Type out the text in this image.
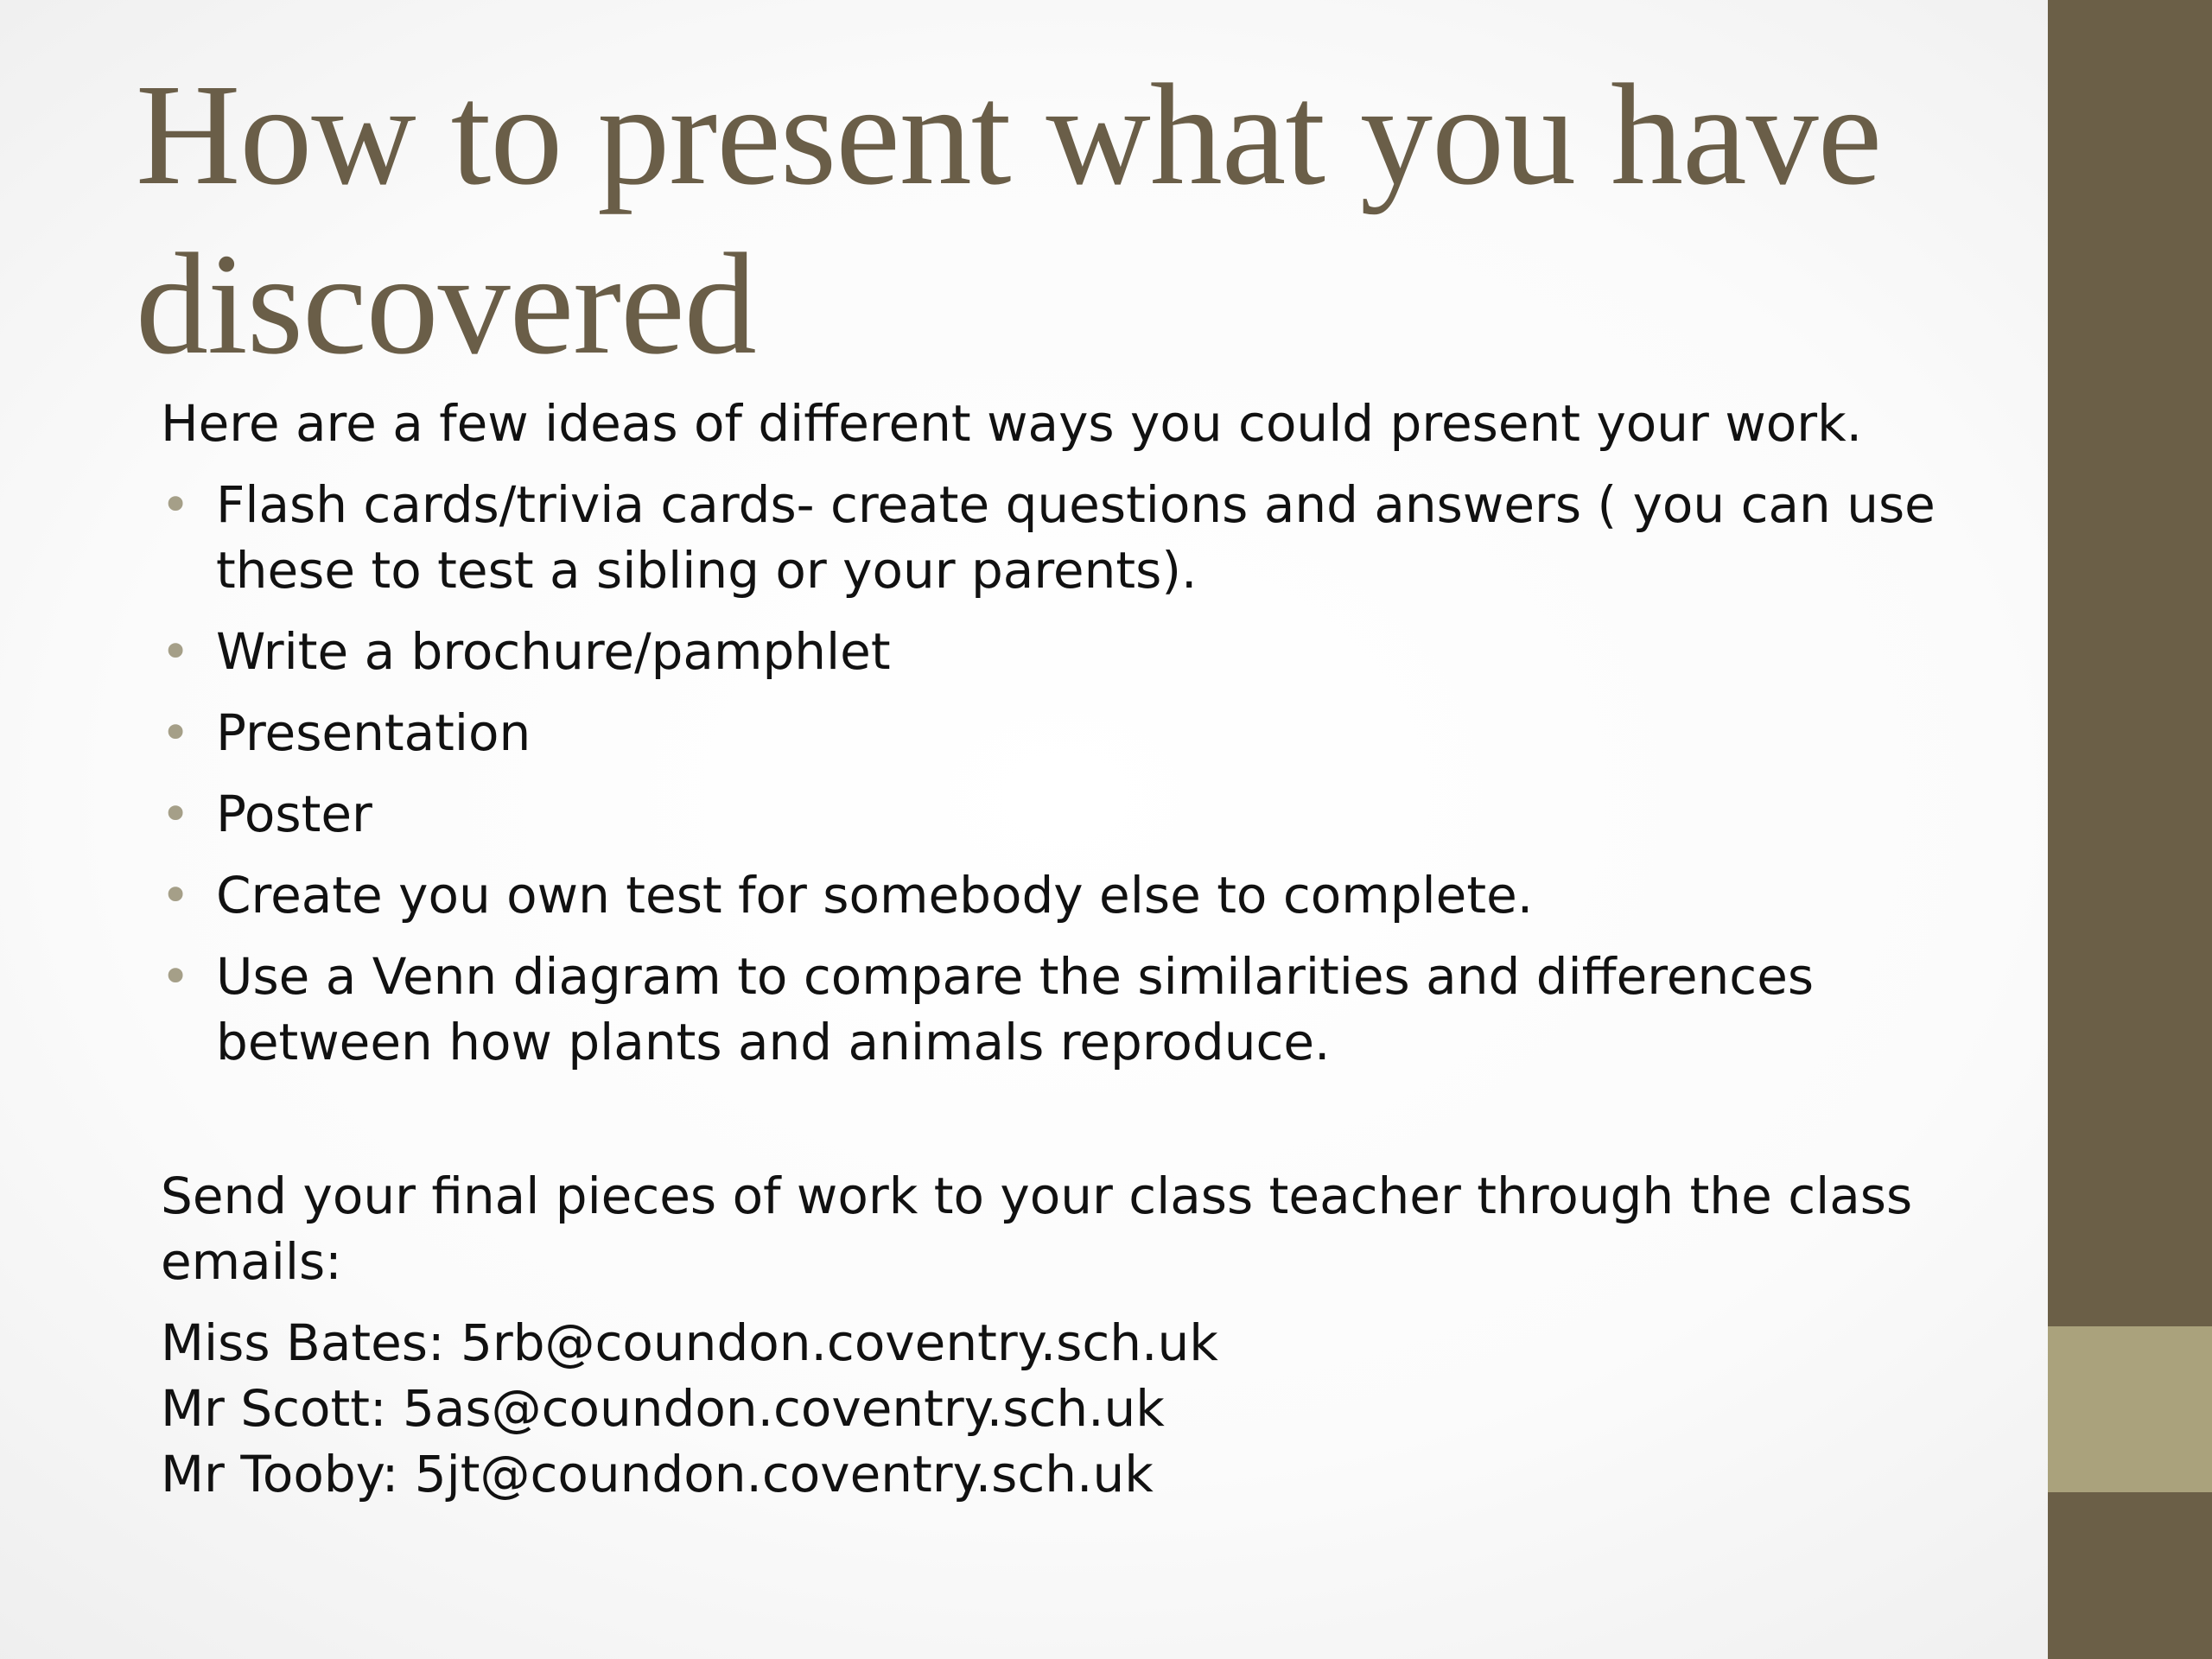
How to present what you have discovered

Here are a few ideas of different ways you could present your work.

• Flash cards/trivia cards- create questions and answers ( you can use these to test a sibling or your parents).
• Write a brochure/pamphlet
• Presentation
• Poster
• Create you own test for somebody else to complete.
• Use a Venn diagram to compare the similarities and differences between how plants and animals reproduce.

Send your final pieces of work to your class teacher through the class emails:

Miss Bates: 5rb@coundon.coventry.sch.uk

Mr Scott: 5as@coundon.coventry.sch.uk

Mr Tooby: 5jt@coundon.coventry.sch.uk
